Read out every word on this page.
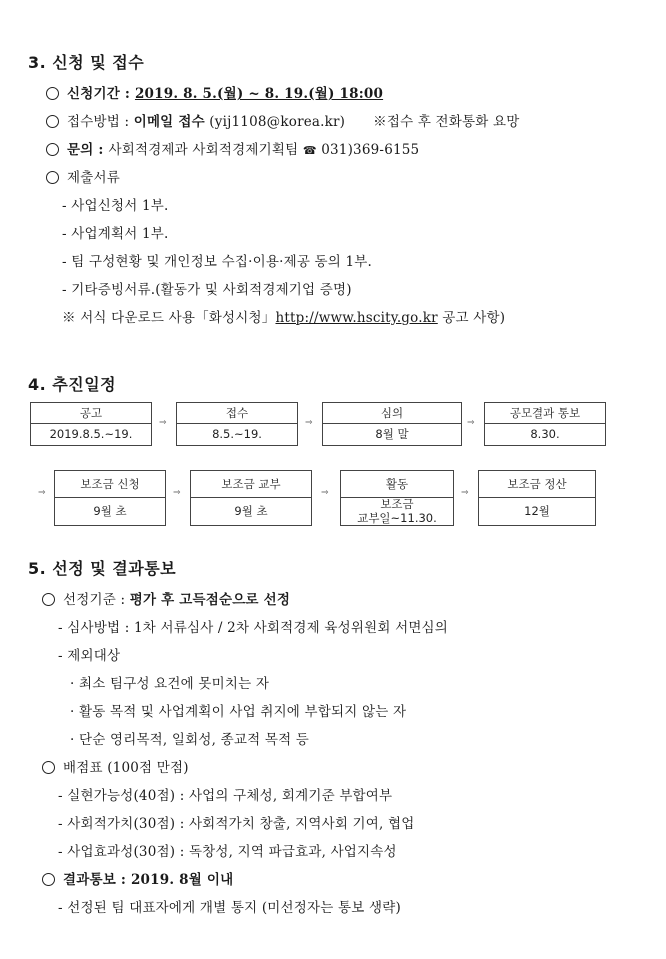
3. 신청 및 접수
신청기간 : 2019. 8. 5.(월) ~ 8. 19.(월) 18:00
접수방법 : 이메일 접수 (yij1108@korea.kr) ※접수 후 전화통화 요망
문의 : 사회적경제과 사회적경제기획팀 ☎ 031)369-6155
제출서류
- 사업신청서 1부.
- 사업계획서 1부.
- 팀 구성현황 및 개인정보 수집·이용·제공 동의 1부.
- 기타증빙서류.(활동가 및 사회적경제기업 증명)
※ 서식 다운로드 사용「화성시청」http://www.hscity.go.kr 공고 사항)
4. 추진일정
공고
2019.8.5.~19.
⇒
접수
8.5.~19.
⇒
심의
8월 말
⇒
공모결과 통보
8.30.
⇒
보조금 신청
9월 초
⇒
보조금 교부
9월 초
⇒
활동
보조금
교부일~11.30.
⇒
보조금 정산
12월
5. 선정 및 결과통보
선정기준 : 평가 후 고득점순으로 선정
- 심사방법 : 1차 서류심사 / 2차 사회적경제 육성위원회 서면심의
- 제외대상
· 최소 팀구성 요건에 못미치는 자
· 활동 목적 및 사업계획이 사업 취지에 부합되지 않는 자
· 단순 영리목적, 일회성, 종교적 목적 등
배점표 (100점 만점)
- 실현가능성(40점) : 사업의 구체성, 회계기준 부합여부
- 사회적가치(30점) : 사회적가치 창출, 지역사회 기여, 협업
- 사업효과성(30점) : 독창성, 지역 파급효과, 사업지속성
결과통보 : 2019. 8월 이내
- 선정된 팀 대표자에게 개별 통지 (미선정자는 통보 생략)
